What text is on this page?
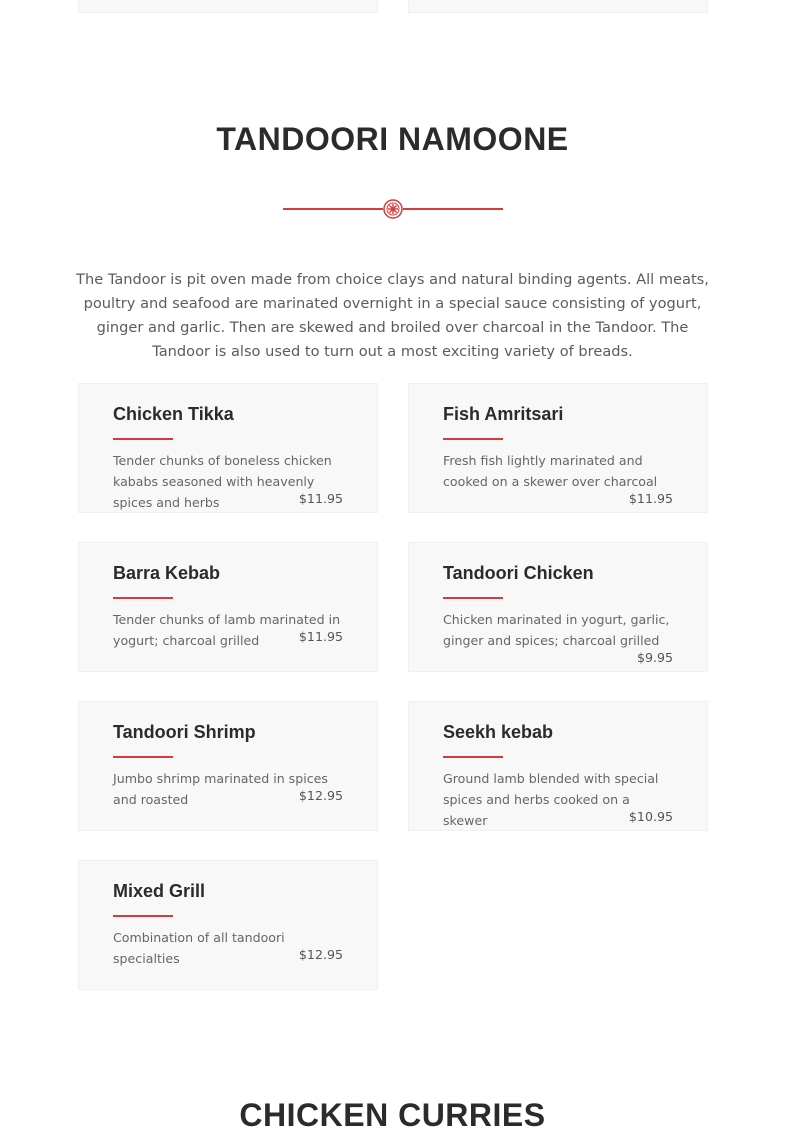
TANDOORI NAMOONE

The Tandoor is pit oven made from choice clays and natural binding agents. All meats, poultry and seafood are marinated overnight in a special sauce consisting of yogurt, ginger and garlic. Then are skewed and broiled over charcoal in the Tandoor. The Tandoor is also used to turn out a most exciting variety of breads.

Chicken Tikka
Tender chunks of boneless chicken kababs seasoned with heavenly spices and herbs	$11.95
Fish Amritsari
Fresh fish lightly marinated and cooked on a skewer over charcoal
$11.95
Barra Kebab
Tender chunks of lamb marinated in yogurt; charcoal grilled	$11.95
Tandoori Chicken
Chicken marinated in yogurt, garlic, ginger and spices; charcoal grilled
$9.95
Tandoori Shrimp
Jumbo shrimp marinated in spices and roasted	$12.95
Seekh kebab
Ground lamb blended with special spices and herbs cooked on a skewer	$10.95
Mixed Grill
Combination of all tandoori specialties	$12.95
CHICKEN CURRIES
